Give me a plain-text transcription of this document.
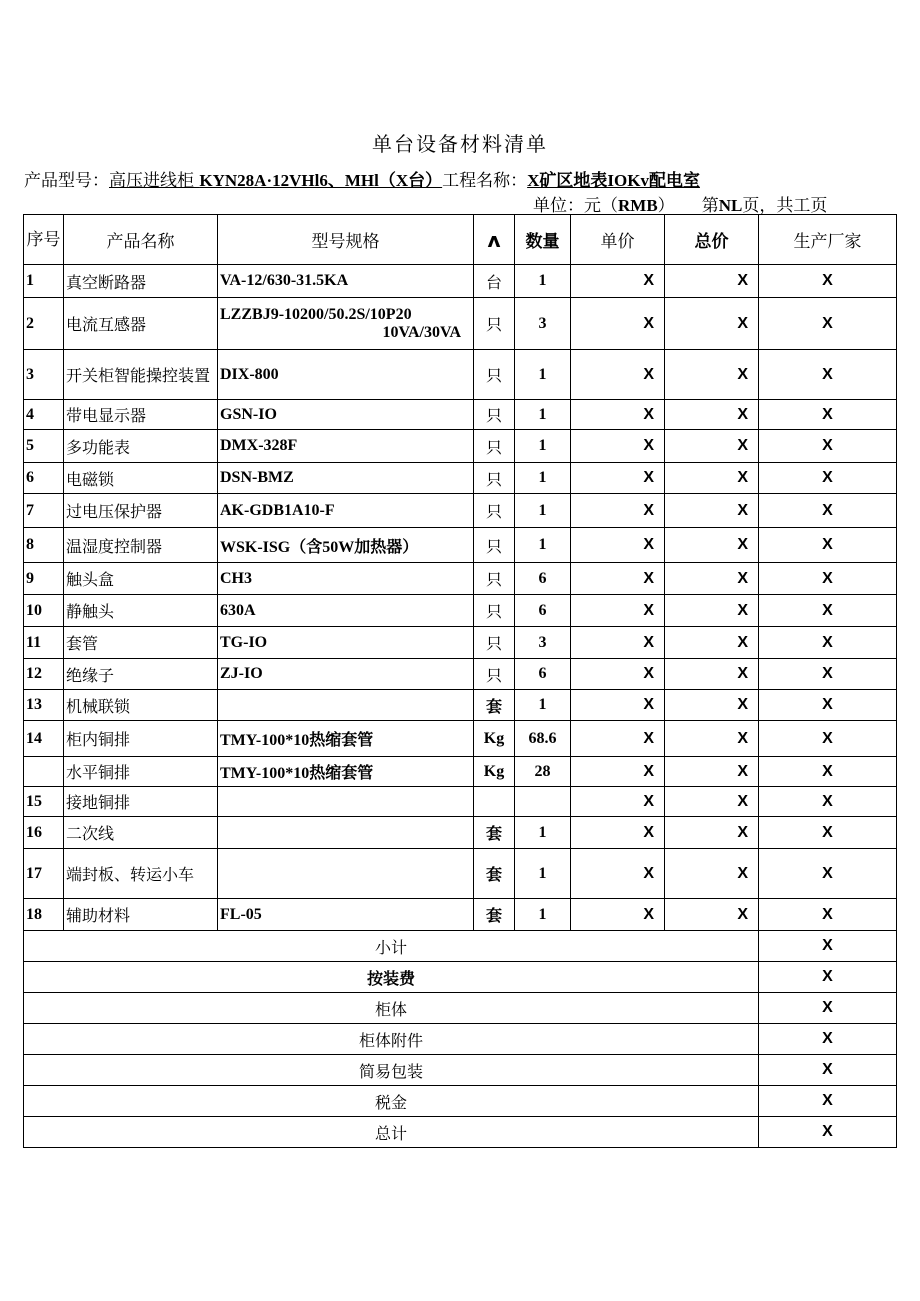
单台设备材料清单
产品型号：高压进线柜 KYN28A·12VHl6、MHl（X台）工程名称：X矿区地表IOKv配电室
单位：元（RMB） 第NL页，共工页
序号	产品名称	型号规格	ʌ	数量	单价	总价	生产厂家
1	真空断路器	VA-12/630-31.5KA	台	1	X	X	X
2	电流互感器	LZZBJ9-10200/50.2S/10P20
10VA/30VA	只	3	X	X	X
3	开关柜智能操控装置	DIX-800	只	1	X	X	X
4	带电显示器	GSN-IO	只	1	X	X	X
5	多功能表	DMX-328F	只	1	X	X	X
6	电磁锁	DSN-BMZ	只	1	X	X	X
7	过电压保护器	AK-GDB1A10-F	只	1	X	X	X
8	温湿度控制器	WSK-ISG（含50W加热器）	只	1	X	X	X
9	触头盒	CH3	只	6	X	X	X
10	静触头	630A	只	6	X	X	X
11	套管	TG-IO	只	3	X	X	X
12	绝缘子	ZJ-IO	只	6	X	X	X
13	机械联锁		套	1	X	X	X
14	柜内铜排	TMY-100*10热缩套管	Kg	68.6	X	X	X
	水平铜排	TMY-100*10热缩套管	Kg	28	X	X	X
15	接地铜排				X	X	X
16	二次线		套	1	X	X	X
17	端封板、转运小车		套	1	X	X	X
18	辅助材料	FL-05	套	1	X	X	X
小计							X
按装费							X
柜体							X
柜体附件							X
简易包装							X
税金							X
总计							X
